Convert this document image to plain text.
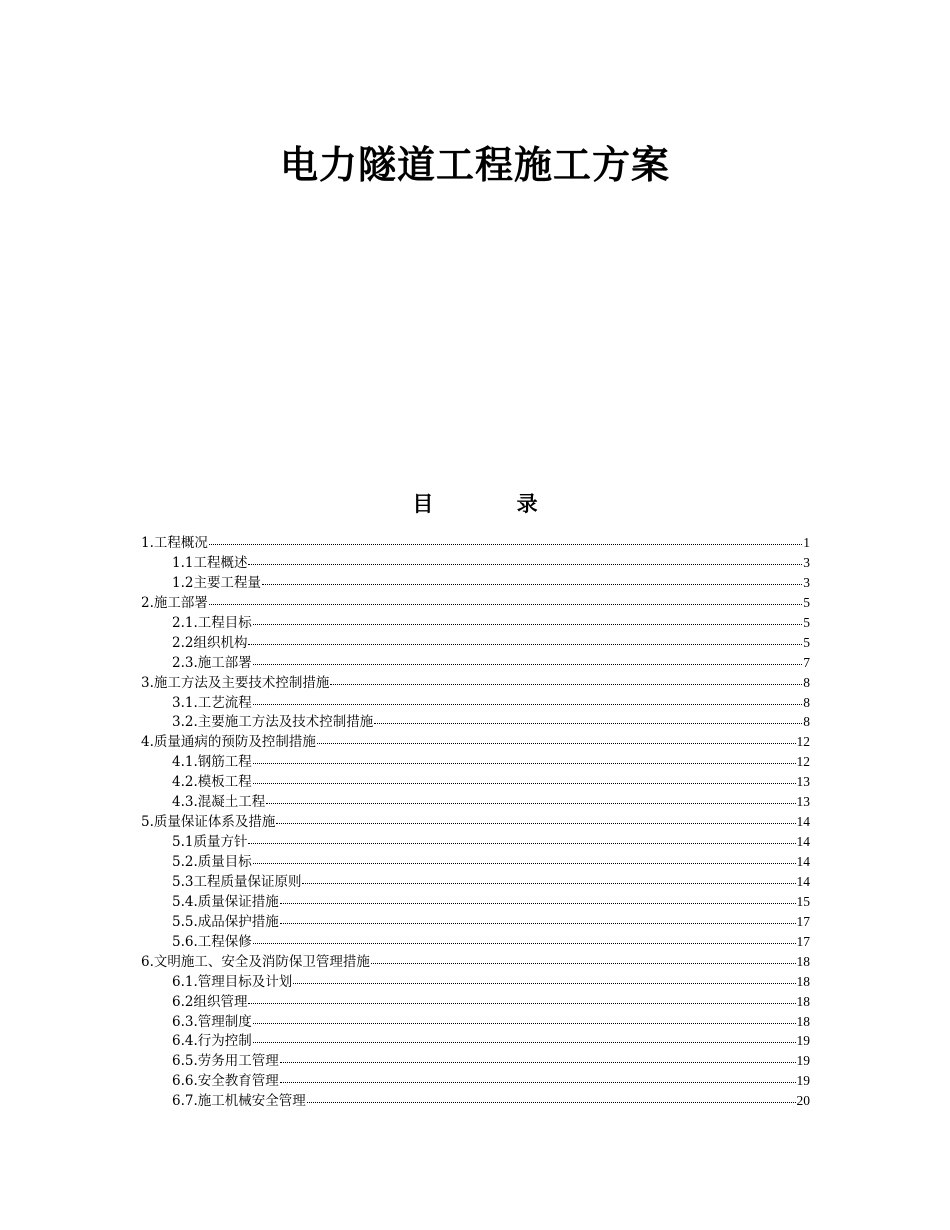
电力隧道工程施工方案
目 录
1.工程概况	1
1.1工程概述	3
1.2主要工程量	3
2.施工部署	5
2.1.工程目标	5
2.2组织机构	5
2.3.施工部署	7
3.施工方法及主要技术控制措施	8
3.1.工艺流程	8
3.2.主要施工方法及技术控制措施	8
4.质量通病的预防及控制措施	12
4.1.钢筋工程	12
4.2.模板工程	13
4.3.混凝土工程	13
5.质量保证体系及措施	14
5.1质量方针	14
5.2.质量目标	14
5.3工程质量保证原则	14
5.4.质量保证措施	15
5.5.成品保护措施	17
5.6.工程保修	17
6.文明施工、安全及消防保卫管理措施	18
6.1.管理目标及计划	18
6.2组织管理	18
6.3.管理制度	18
6.4.行为控制	19
6.5.劳务用工管理	19
6.6.安全教育管理	19
6.7.施工机械安全管理	20
